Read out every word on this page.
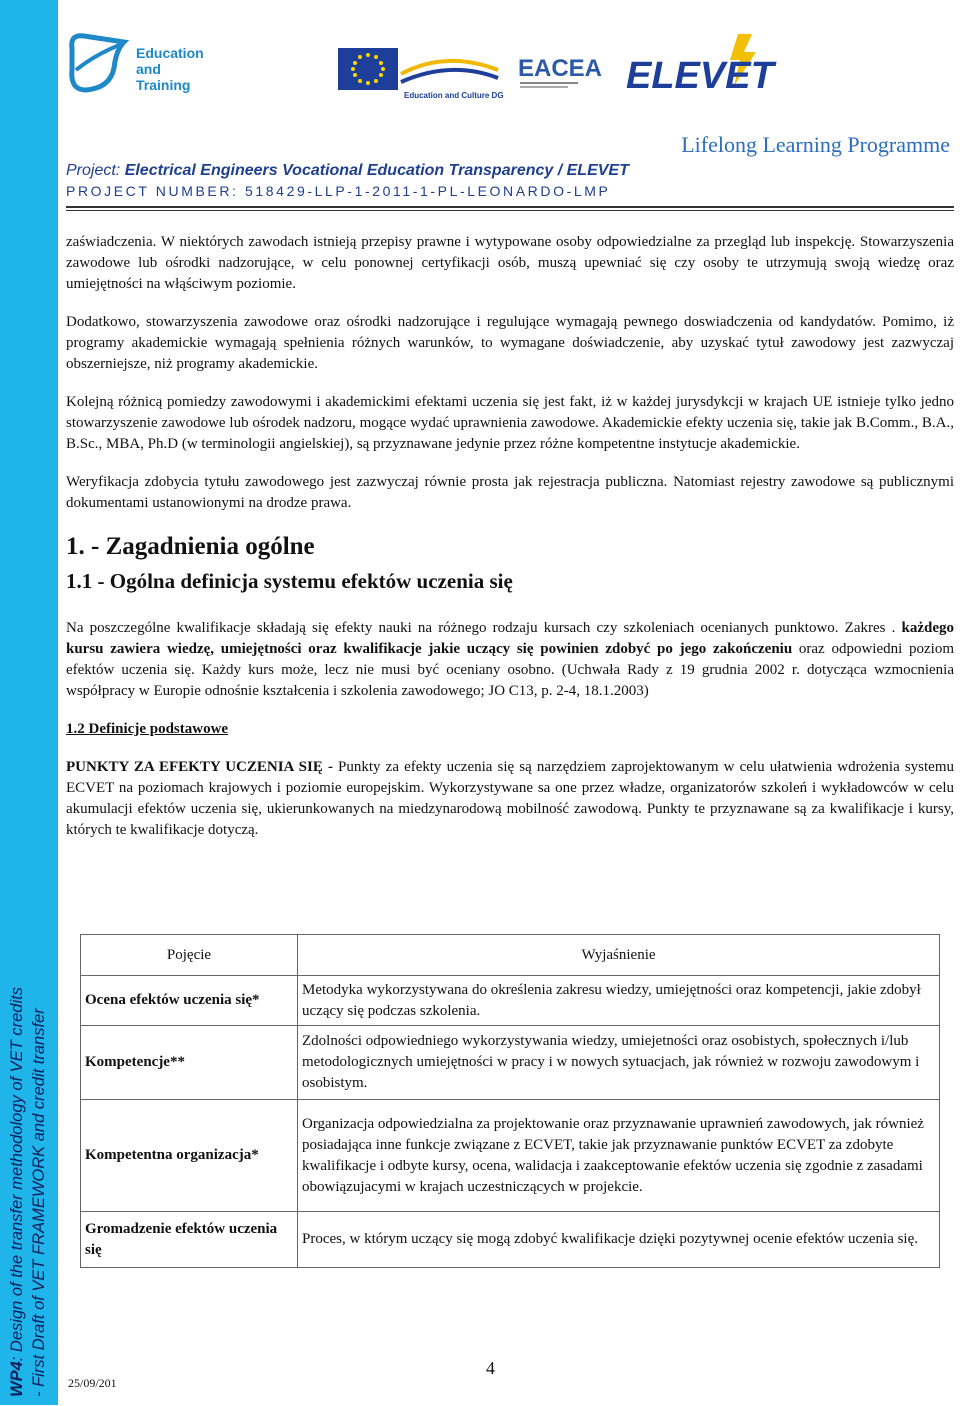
WP4: Design of the transfer methodology of VET credits - First Draft of VET FRAMEWORK and credit transfer
Education
and
Training
Education and Culture DG
EACEA ELEVET
Lifelong Learning Programme
Project: Electrical Engineers Vocational Education Transparency / ELEVET
PROJECT NUMBER: 518429-LLP-1-2011-1-PL-LEONARDO-LMP

zaświadczenia. W niektórych zawodach istnieją przepisy prawne i wytypowane osoby odpowiedzialne za przegląd lub inspekcję. Stowarzyszenia zawodowe lub ośrodki nadzorujące, w celu ponownej certyfikacji osób, muszą upewniać się czy osoby te utrzymują swoją wiedzę oraz umiejętności na włąściwym poziomie.

Dodatkowo, stowarzyszenia zawodowe oraz ośrodki nadzorujące i regulujące wymagają pewnego doswiadczenia od kandydatów. Pomimo, iż programy akademickie wymagają spełnienia różnych warunków, to wymagane doświadczenie, aby uzyskać tytuł zawodowy jest zazwyczaj obszerniejsze, niż programy akademickie.

Kolejną różnicą pomiedzy zawodowymi i akademickimi efektami uczenia się jest fakt, iż w każdej jurysdykcji w krajach UE istnieje tylko jedno stowarzyszenie zawodowe lub ośrodek nadzoru, mogące wydać uprawnienia zawodowe. Akademickie efekty uczenia się, takie jak B.Comm., B.A., B.Sc., MBA, Ph.D (w terminologii angielskiej), są przyznawane jedynie przez różne kompetentne instytucje akademickie.

Weryfikacja zdobycia tytułu zawodowego jest zazwyczaj równie prosta jak rejestracja publiczna. Natomiast rejestry zawodowe są publicznymi dokumentami ustanowionymi na drodze prawa.

1. - Zagadnienia ogólne
1.1 - Ogólna definicja systemu efektów uczenia się

Na poszczególne kwalifikacje składają się efekty nauki na różnego rodzaju kursach czy szkoleniach ocenianych punktowo. Zakres . każdego kursu zawiera wiedzę, umiejętności oraz kwalifikacje jakie uczący się powinien zdobyć po jego zakończeniu oraz odpowiedni poziom efektów uczenia się. Każdy kurs może, lecz nie musi być oceniany osobno. (Uchwała Rady z 19 grudnia 2002 r. dotycząca wzmocnienia współpracy w Europie odnośnie kształcenia i szkolenia zawodowego; JO C13, p. 2-4, 18.1.2003)

1.2 Definicje podstawowe

PUNKTY ZA EFEKTY UCZENIA SIĘ - Punkty za efekty uczenia się są narzędziem zaprojektowanym w celu ułatwienia wdrożenia systemu ECVET na poziomach krajowych i poziomie europejskim. Wykorzystywane sa one przez władze, organizatorów szkoleń i wykładowców w celu akumulacji efektów uczenia się, ukierunkowanych na miedzynarodową mobilność zawodową. Punkty te przyznawane są za kwalifikacje i kursy, których te kwalifikacje dotyczą.

Pojęcie	Wyjaśnienie
Ocena efektów uczenia się*	Metodyka wykorzystywana do określenia zakresu wiedzy, umiejętności oraz kompetencji, jakie zdobył uczący się podczas szkolenia.
Kompetencje**	Zdolności odpowiedniego wykorzystywania wiedzy, umiejetności oraz osobistych, społecznych i/lub metodologicznych umiejętności w pracy i w nowych sytuacjach, jak również w rozwoju zawodowym i osobistym.
Kompetentna organizacja*	Organizacja odpowiedzialna za projektowanie oraz przyznawanie uprawnień zawodowych, jak również posiadająca inne funkcje związane z ECVET, takie jak przyznawanie punktów ECVET za zdobyte kwalifikacje i odbyte kursy, ocena, walidacja i zaakceptowanie efektów uczenia się zgodnie z zasadami obowiązujacymi w krajach uczestniczących w projekcie.
Gromadzenie efektów uczenia się	Proces, w którym uczący się mogą zdobyć kwalifikacje dzięki pozytywnej ocenie efektów uczenia się.
4
25/09/201
